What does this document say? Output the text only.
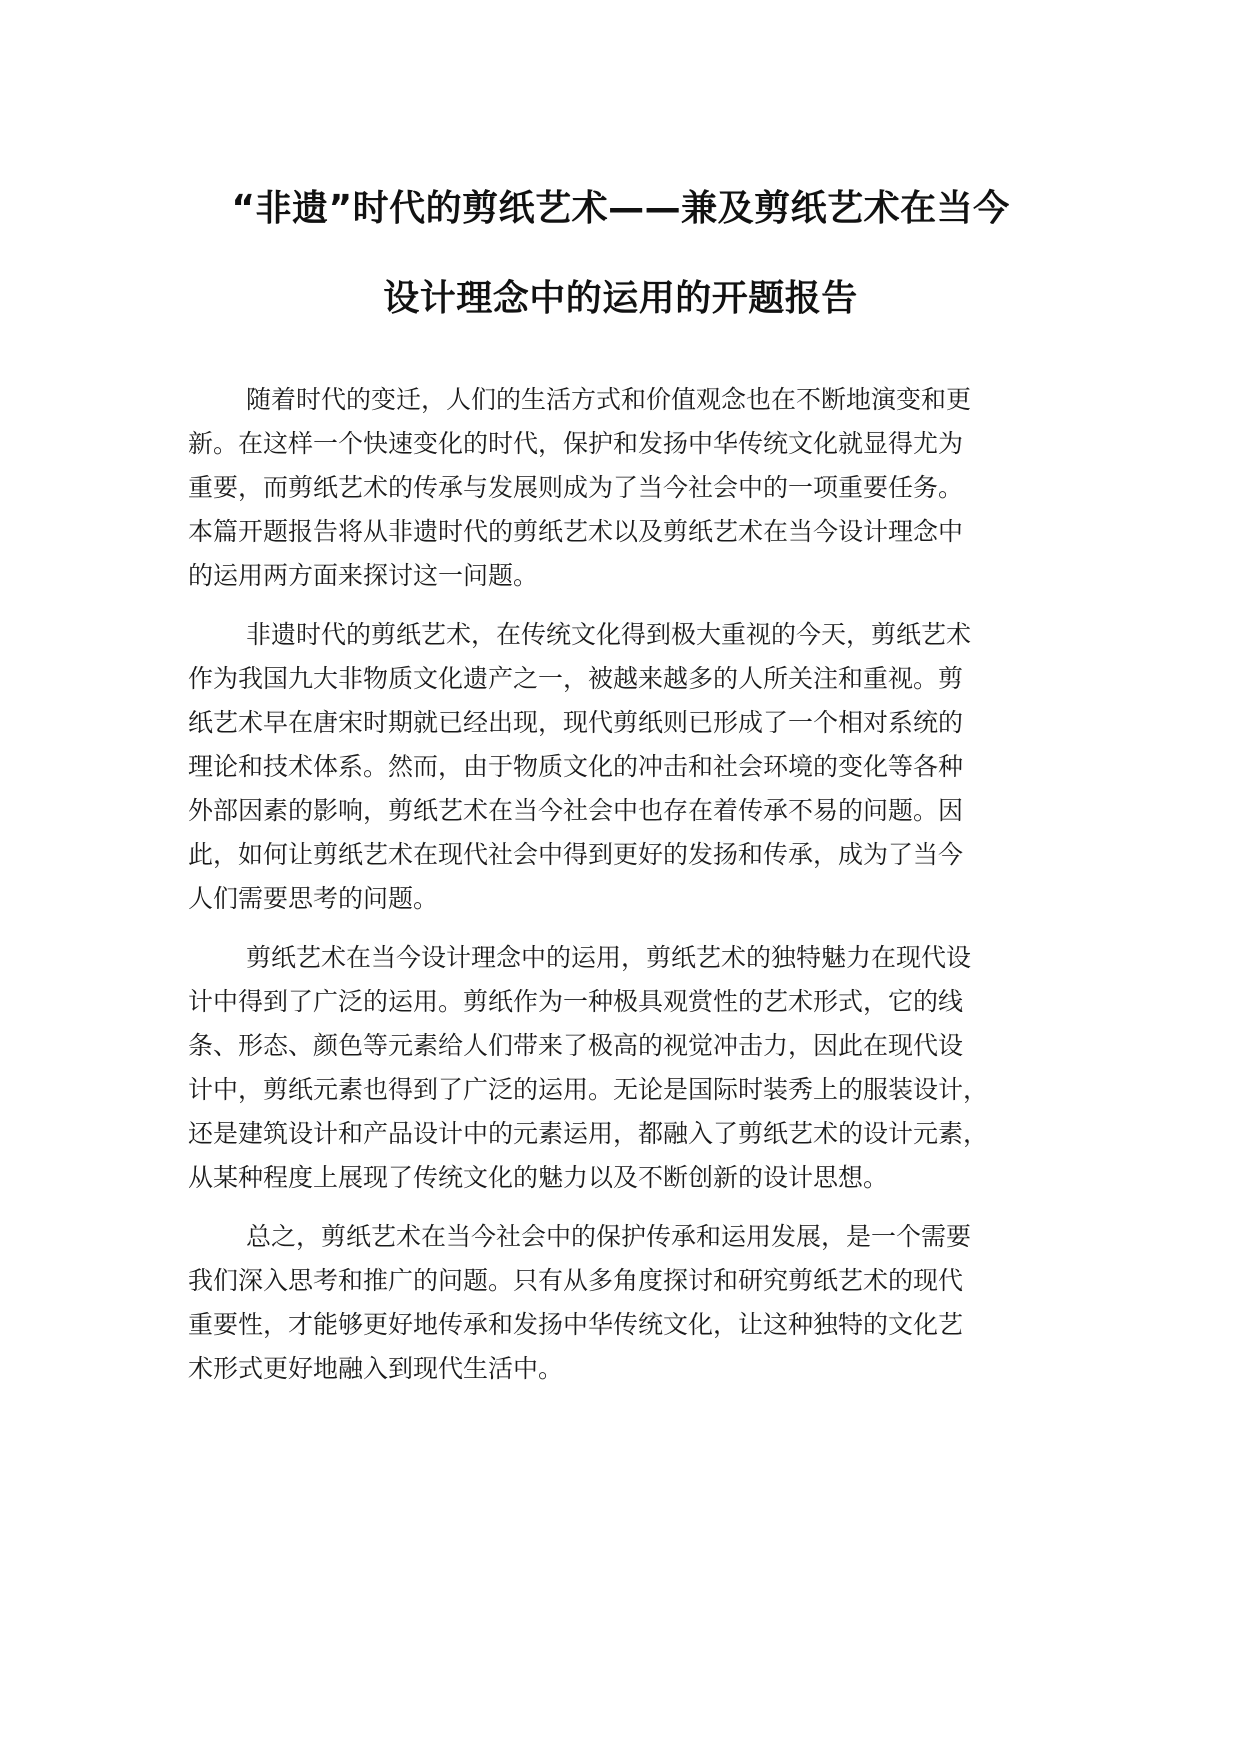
“非遗”时代的剪纸艺术——兼及剪纸艺术在当今
设计理念中的运用的开题报告

随着时代的变迁，人们的生活方式和价值观念也在不断地演变和更
新。在这样一个快速变化的时代，保护和发扬中华传统文化就显得尤为
重要，而剪纸艺术的传承与发展则成为了当今社会中的一项重要任务。
本篇开题报告将从非遗时代的剪纸艺术以及剪纸艺术在当今设计理念中
的运用两方面来探讨这一问题。

非遗时代的剪纸艺术，在传统文化得到极大重视的今天，剪纸艺术
作为我国九大非物质文化遗产之一，被越来越多的人所关注和重视。剪
纸艺术早在唐宋时期就已经出现，现代剪纸则已形成了一个相对系统的
理论和技术体系。然而，由于物质文化的冲击和社会环境的变化等各种
外部因素的影响，剪纸艺术在当今社会中也存在着传承不易的问题。因
此，如何让剪纸艺术在现代社会中得到更好的发扬和传承，成为了当今
人们需要思考的问题。

剪纸艺术在当今设计理念中的运用，剪纸艺术的独特魅力在现代设
计中得到了广泛的运用。剪纸作为一种极具观赏性的艺术形式，它的线
条、形态、颜色等元素给人们带来了极高的视觉冲击力，因此在现代设
计中，剪纸元素也得到了广泛的运用。无论是国际时装秀上的服装设计，
还是建筑设计和产品设计中的元素运用，都融入了剪纸艺术的设计元素，
从某种程度上展现了传统文化的魅力以及不断创新的设计思想。

总之，剪纸艺术在当今社会中的保护传承和运用发展，是一个需要
我们深入思考和推广的问题。只有从多角度探讨和研究剪纸艺术的现代
重要性，才能够更好地传承和发扬中华传统文化，让这种独特的文化艺
术形式更好地融入到现代生活中。
